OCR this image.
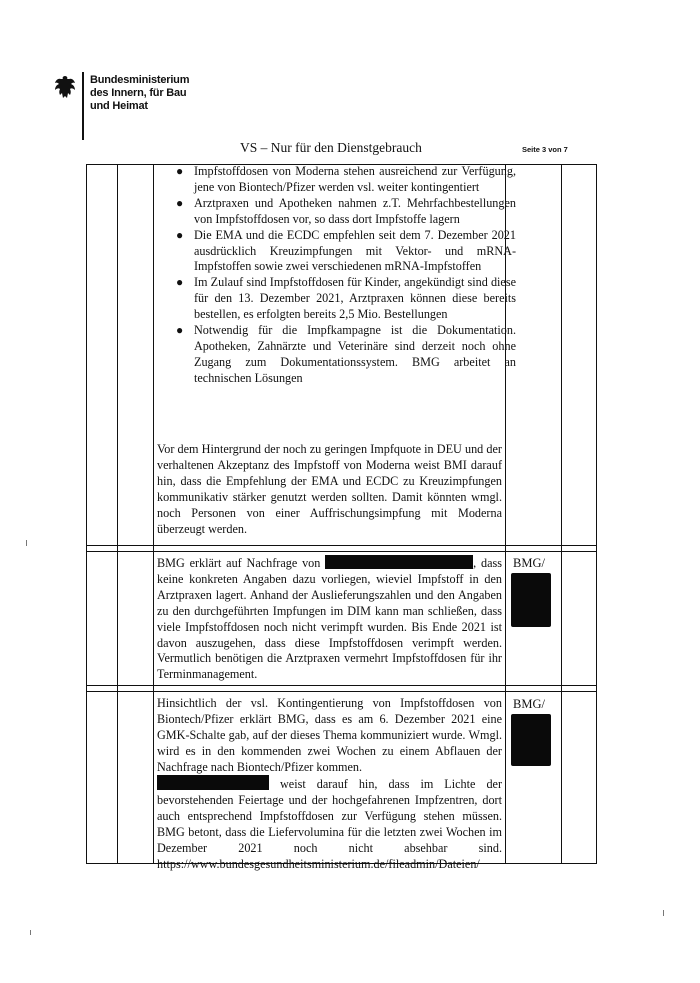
Bundesministerium
des Innern, für Bau
und Heimat
VS – Nur für den Dienstgebrauch	Seite 3 von 7
● Impfstoffdosen von Moderna stehen ausreichend zur Verfügung, jene von Biontech/Pfizer werden vsl. weiter kontingentiert
● Arztpraxen und Apotheken nahmen z.T. Mehrfachbestellungen von Impfstoffdosen vor, so dass dort Impfstoffe lagern
● Die EMA und die ECDC empfehlen seit dem 7. Dezember 2021 ausdrücklich Kreuzimpfungen mit Vektor- und mRNA-Impfstoffen sowie zwei verschiedenen mRNA-Impfstoffen
● Im Zulauf sind Impfstoffdosen für Kinder, angekündigt sind diese für den 13. Dezember 2021, Arztpraxen können diese bereits bestellen, es erfolgten bereits 2,5 Mio. Bestellungen
● Notwendig für die Impfkampagne ist die Dokumentation. Apotheken, Zahnärzte und Veterinäre sind derzeit noch ohne Zugang zum Dokumentationssystem. BMG arbeitet an technischen Lösungen
Vor dem Hintergrund der noch zu geringen Impfquote in DEU und der verhaltenen Akzeptanz des Impfstoff von Moderna weist BMI darauf hin, dass die Empfehlung der EMA und ECDC zu Kreuzimpfungen kommunikativ stärker genutzt werden sollten. Damit könnten wmgl. noch Personen von einer Auffrischungsimpfung mit Moderna überzeugt werden.
BMG erklärt auf Nachfrage von	, dass keine konkreten Angaben dazu vorliegen, wieviel Impfstoff in den Arztpraxen lagert. Anhand der Auslieferungszahlen und den Angaben zu den durchgeführten Impfungen im DIM kann man schließen, dass viele Impfstoffdosen noch nicht verimpft wurden. Bis Ende 2021 ist davon auszugehen, dass diese Impfstoffdosen verimpft werden. Vermutlich benötigen die Arztpraxen vermehrt Impfstoffdosen für ihr Terminmanagement.
BMG/
Hinsichtlich der vsl. Kontingentierung von Impfstoffdosen von Biontech/Pfizer erklärt BMG, dass es am 6. Dezember 2021 eine GMK-Schalte gab, auf der dieses Thema kommuniziert wurde. Wmgl. wird es in den kommenden zwei Wochen zu einem Abflauen der Nachfrage nach Biontech/Pfizer kommen.
weist darauf hin, dass im Lichte der bevorstehenden Feiertage und der hochgefahrenen Impfzentren, dort auch entsprechend Impfstoffdosen zur Verfügung stehen müssen. BMG betont, dass die Liefervolumina für die letzten zwei Wochen im Dezember 2021 noch nicht absehbar sind. https://www.bundesgesundheitsministerium.de/fileadmin/Dateien/
BMG/
